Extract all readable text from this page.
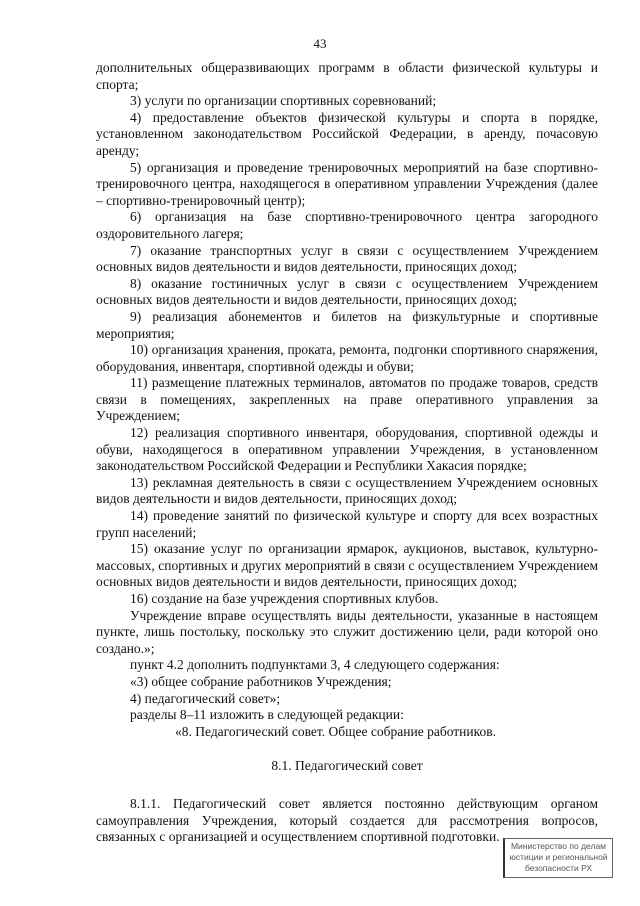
43

дополнительных общеразвивающих программ в области физической культуры и спорта;

3) услуги по организации спортивных соревнований;

4) предоставление объектов физической культуры и спорта в порядке, установленном законодательством Российской Федерации, в аренду, почасовую аренду;

5) организация и проведение тренировочных мероприятий на базе спортивно-тренировочного центра, находящегося в оперативном управлении Учреждения (далее – спортивно-тренировочный центр);

6) организация на базе спортивно-тренировочного центра загородного оздоровительного лагеря;

7) оказание транспортных услуг в связи с осуществлением Учреждением основных видов деятельности и видов деятельности, приносящих доход;

8) оказание гостиничных услуг в связи с осуществлением Учреждением основных видов деятельности и видов деятельности, приносящих доход;

9) реализация абонементов и билетов на физкультурные и спортивные мероприятия;

10) организация хранения, проката, ремонта, подгонки спортивного снаряжения, оборудования, инвентаря, спортивной одежды и обуви;

11) размещение платежных терминалов, автоматов по продаже товаров, средств связи в помещениях, закрепленных на праве оперативного управления за Учреждением;

12) реализация спортивного инвентаря, оборудования, спортивной одежды и обуви, находящегося в оперативном управлении Учреждения, в установленном законодательством Российской Федерации и Республики Хакасия порядке;

13) рекламная деятельность в связи с осуществлением Учреждением основных видов деятельности и видов деятельности, приносящих доход;

14) проведение занятий по физической культуре и спорту для всех возрастных групп населений;

15) оказание услуг по организации ярмарок, аукционов, выставок, культурно-массовых, спортивных и других мероприятий в связи с осуществлением Учреждением основных видов деятельности и видов деятельности, приносящих доход;

16) создание на базе учреждения спортивных клубов.

Учреждение вправе осуществлять виды деятельности, указанные в настоящем пункте, лишь постольку, поскольку это служит достижению цели, ради которой оно создано.»;

пункт 4.2 дополнить подпунктами 3, 4 следующего содержания:

«3) общее собрание работников Учреждения;

4) педагогический совет»;

разделы 8–11 изложить в следующей редакции:

«8. Педагогический совет. Общее собрание работников.

8.1. Педагогический совет

8.1.1. Педагогический совет является постоянно действующим органом самоуправления Учреждения, который создается для рассмотрения вопросов, связанных с организацией и осуществлением спортивной подготовки.

Министерство по делам
юстиции и региональной
безопасности РХ
